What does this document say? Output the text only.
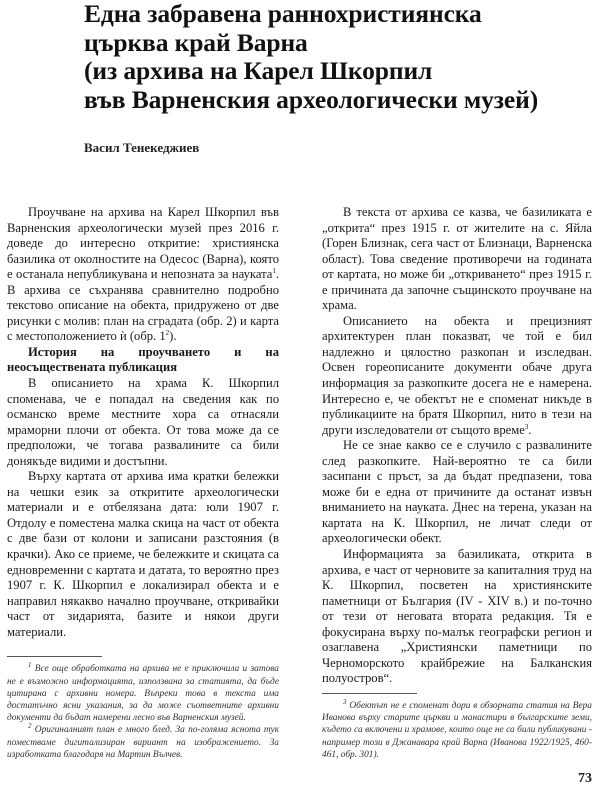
Една забравена раннохристиянска
църква край Варна
(из архива на Карел Шкорпил
във Варненския археологически музей)
Васил Тенекеджиев

Проучване на архива на Карел Шкорпил във Варненския археологически музей през 2016 г. доведе до интересно откритие: християнска базилика от околностите на Одесос (Варна), която е останала непубликувана и непозната за науката$^1$. В архива се съхранява сравнително подробно текстово описание на обекта, придружено от две рисунки с молив: план на сградата (обр. 2) и карта с местоположението ѝ (обр. $1^2$).

История на проучването и на неосъществената публикация

В описанието на храма К. Шкорпил споменава, че е попадал на сведения как по османско време местните хора са отнасяли мраморни плочи от обекта. От това може да се предположи, че тогава развалините са били донякъде видими и достъпни.

Върху картата от архива има кратки бележки на чешки език за откритите археологически материали и е отбелязана дата: юли 1907 г. Отдолу е поместена малка скица на част от обекта с две бази от колони и записани разстояния (в крачки). Ако се приеме, че бележките и скицата са едновременни с картата и датата, то вероятно през 1907 г. К. Шкорпил е локализирал обекта и е направил някакво начално проучване, откривайки част от зидарията, базите и някои други материали.

$^1$ Все още обработката на архива не е приключила и затова не е възможно информацията, използвана за статията, да бъде цитирана с архивни номера. Въпреки това в текста има достатъчно ясни указания, за да може съответните архивни документи да бъдат намерени лесно във Варненския музей.

$^2$ Оригиналният план е много блед. За по-голяма яснота тук поместваме дигитализиран вариант на изображението. За изработката благодаря на Мартин Вълчев.

В текста от архива се казва, че базиликата е „открита“ през 1915 г. от жителите на с. Яйла (Горен Близнак, сега част от Близнаци, Варненска област). Това сведение противоречи на годината от картата, но може би „откриването“ през 1915 г. е причината да започне същинското проучване на храма.

Описанието на обекта и прецизният архитектурен план показват, че той е бил надлежно и цялостно разкопан и изследван. Освен гореописаните документи обаче друга информация за разкопките досега не е намерена. Интересно е, че обектът не е споменат никъде в публикациите на братя Шкорпил, нито в тези на други изследователи от същото време$^3$.

Не се знае какво се е случило с развалините след разкопките. Най-вероятно те са били засипани с пръст, за да бъдат предпазени, това може би е една от причините да останат извън вниманието на науката. Днес на терена, указан на картата на К. Шкорпил, не личат следи от археологически обект.

Информацията за базиликата, открита в архива, е част от черновите за капиталния труд на К. Шкорпил, посветен на християнските паметници от България (IV - XIV в.) и по-точно от тези от неговата втората редакция. Тя е фокусирана върху по-малък географски регион и озаглавена „Християнски паметници по Черноморското крайбрежие на Балканския полуостров“.

$^3$ Обектът не е споменат дори в обзорната статия на Вера Иванова върху старите църкви и манастири в българските земи, където са включени и храмове, които още не са били публикувани - например този в Джанавара край Варна (Иванова 1922/1925, 460-461, обр. 301).

73
